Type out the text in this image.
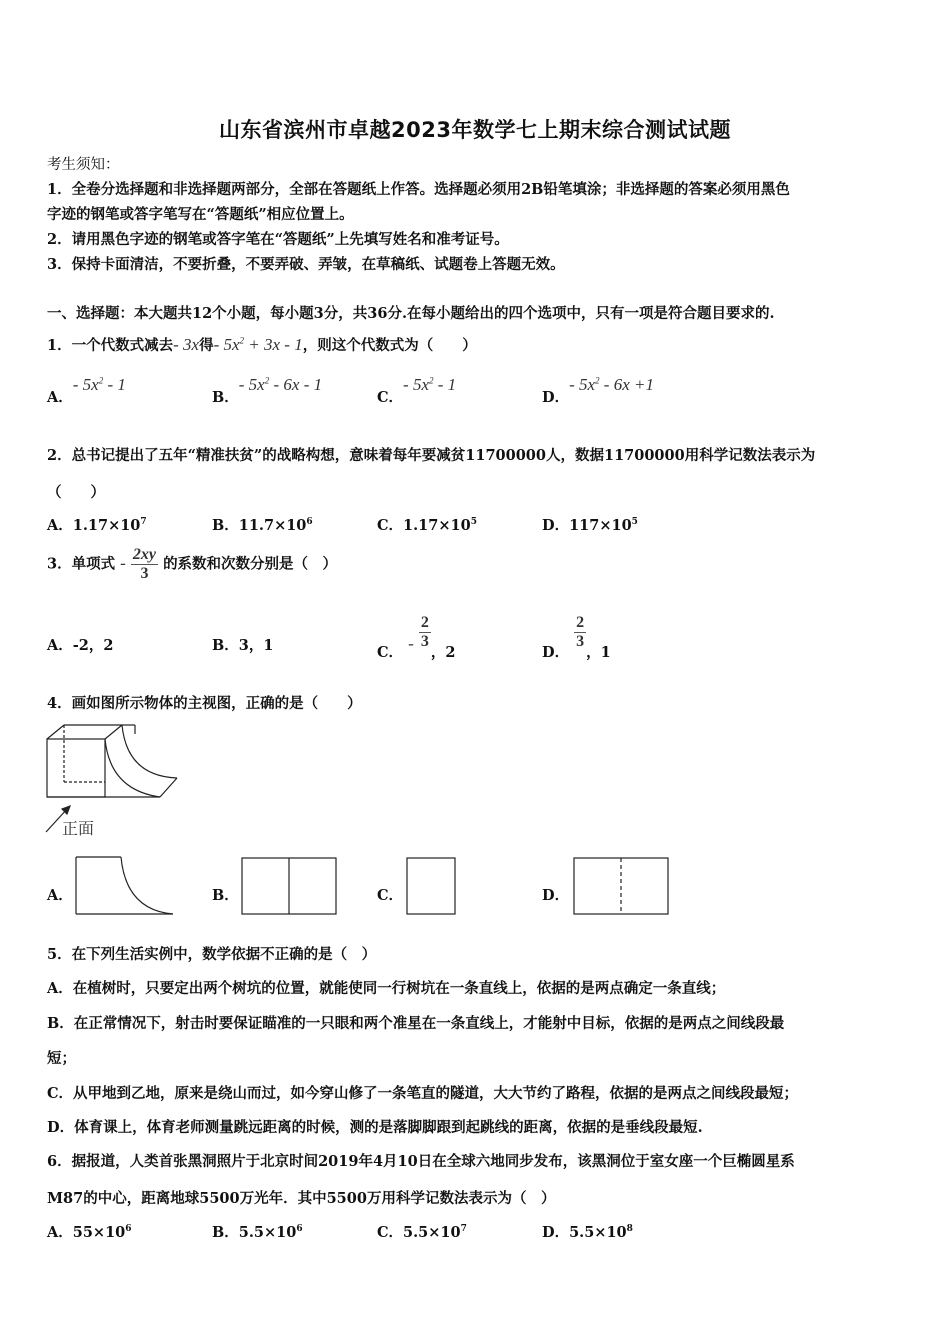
山东省滨州市卓越2023年数学七上期末综合测试试题
考生须知：
1．全卷分选择题和非选择题两部分，全部在答题纸上作答。选择题必须用2B铅笔填涂；非选择题的答案必须用黑色
字迹的钢笔或答字笔写在“答题纸”相应位置上。
2．请用黑色字迹的钢笔或答字笔在“答题纸”上先填写姓名和准考证号。
3．保持卡面清洁，不要折叠，不要弄破、弄皱，在草稿纸、试题卷上答题无效。
一、选择题：本大题共12个小题，每小题3分，共36分.在每小题给出的四个选项中，只有一项是符合题目要求的.
1．一个代数式减去- 3x得- $5x^2 + 3x - 1$，则这个代数式为（　　）
A．- $5x^2 - 1$
B．- $5x^2 - 6x - 1$
C．- $5x^2 - 1$
D．- $5x^2 - 6x +1$
2．总书记提出了五年“精准扶贫”的战略构想，意味着每年要减贫11700000人，数据11700000用科学记数法表示为
（　　）
A．$1.17\times 10^7$	B．$11.7\times 10^6$	C．$1.17\times 10^5$	D．$117\times 10^5$
3．单项式 - $\frac{2xy}{3}$ 的系数和次数分别是（　）
A．-2，2	B．3，1	C． - $\frac{2}{3}$
，2	D．
$\frac{2}{3}$
，1
4．画如图所示物体的主视图，正确的是（　　）
正面
A．	B．	C．	D．
5．在下列生活实例中，数学依据不正确的是（　）
A．在植树时，只要定出两个树坑的位置，就能使同一行树坑在一条直线上，依据的是两点确定一条直线；
B．在正常情况下，射击时要保证瞄准的一只眼和两个准星在一条直线上，才能射中目标，依据的是两点之间线段最
短；
C．从甲地到乙地，原来是绕山而过，如今穿山修了一条笔直的隧道，大大节约了路程，依据的是两点之间线段最短；
D．体育课上，体育老师测量跳远距离的时候，测的是落脚脚跟到起跳线的距离，依据的是垂线段最短.
6．据报道，人类首张黑洞照片于北京时间2019年4月10日在全球六地同步发布，该黑洞位于室女座一个巨椭圆星系
M87的中心，距离地球5500万光年．其中5500万用科学记数法表示为（　）
A．$55\times 10^6$	B．$5.5\times 10^6$	C．$5.5\times 10^7$	D．$5.5\times 10^8$
